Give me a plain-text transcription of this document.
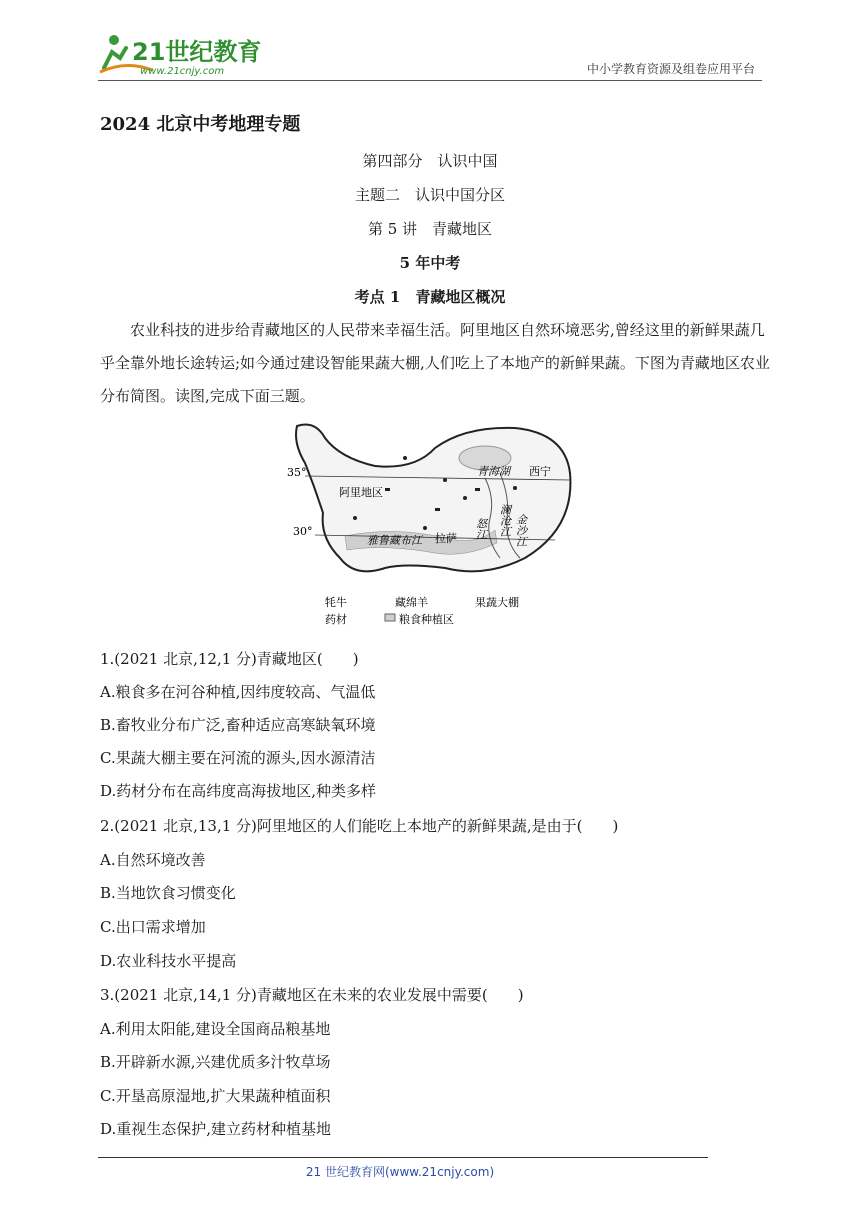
21世纪教育
www.21cnjy.com	中小学教育资源及组卷应用平台
2024 北京中考地理专题
第四部分　认识中国
主题二　认识中国分区
第 5 讲　青藏地区
5 年中考
考点 1　青藏地区概况
农业科技的进步给青藏地区的人民带来幸福生活。阿里地区自然环境恶劣,曾经这里的新鲜果蔬几乎全靠外地长途转运;如今通过建设智能果蔬大棚,人们吃上了本地产的新鲜果蔬。下图为青藏地区农业分布简图。读图,完成下面三题。
35°
30°
阿里地区
青海湖 西宁
雅鲁藏布江 拉萨 怒江 澜沧江 金沙江
牦牛	藏绵羊	果蔬大棚
药材	粮食种植区
1.(2021 北京,12,1 分)青藏地区(　　)
A.粮食多在河谷种植,因纬度较高、气温低
B.畜牧业分布广泛,畜种适应高寒缺氧环境
C.果蔬大棚主要在河流的源头,因水源清洁
D.药材分布在高纬度高海拔地区,种类多样
2.(2021 北京,13,1 分)阿里地区的人们能吃上本地产的新鲜果蔬,是由于(　　)
A.自然环境改善
B.当地饮食习惯变化
C.出口需求增加
D.农业科技水平提高
3.(2021 北京,14,1 分)青藏地区在未来的农业发展中需要(　　)
A.利用太阳能,建设全国商品粮基地
B.开辟新水源,兴建优质多汁牧草场
C.开垦高原湿地,扩大果蔬种植面积
D.重视生态保护,建立药材种植基地
21 世纪教育网(www.21cnjy.com)
